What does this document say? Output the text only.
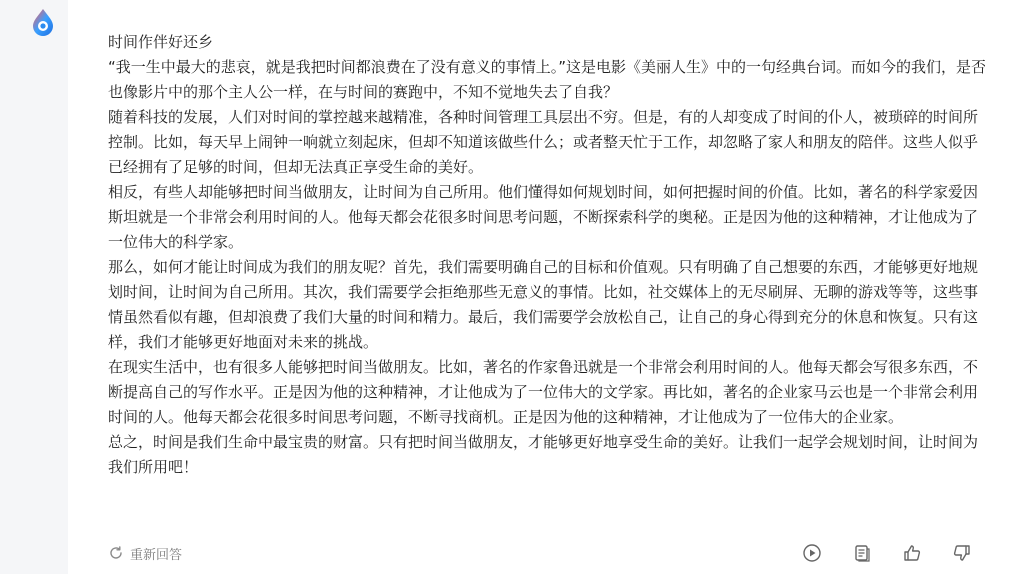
时间作伴好还乡

“我一生中最大的悲哀，就是我把时间都浪费在了没有意义的事情上。”这是电影《美丽人生》中的一句经典台词。而如今的我们，是否也像影片中的那个主人公一样，在与时间的赛跑中，不知不觉地失去了自我？

随着科技的发展，人们对时间的掌控越来越精准，各种时间管理工具层出不穷。但是，有的人却变成了时间的仆人，被琐碎的时间所控制。比如，每天早上闹钟一响就立刻起床，但却不知道该做些什么；或者整天忙于工作，却忽略了家人和朋友的陪伴。这些人似乎已经拥有了足够的时间，但却无法真正享受生命的美好。

相反，有些人却能够把时间当做朋友，让时间为自己所用。他们懂得如何规划时间，如何把握时间的价值。比如，著名的科学家爱因斯坦就是一个非常会利用时间的人。他每天都会花很多时间思考问题，不断探索科学的奥秘。正是因为他的这种精神，才让他成为了一位伟大的科学家。

那么，如何才能让时间成为我们的朋友呢？首先，我们需要明确自己的目标和价值观。只有明确了自己想要的东西，才能够更好地规划时间，让时间为自己所用。其次，我们需要学会拒绝那些无意义的事情。比如，社交媒体上的无尽刷屏、无聊的游戏等等，这些事情虽然看似有趣，但却浪费了我们大量的时间和精力。最后，我们需要学会放松自己，让自己的身心得到充分的休息和恢复。只有这样，我们才能够更好地面对未来的挑战。

在现实生活中，也有很多人能够把时间当做朋友。比如，著名的作家鲁迅就是一个非常会利用时间的人。他每天都会写很多东西，不断提高自己的写作水平。正是因为他的这种精神，才让他成为了一位伟大的文学家。再比如，著名的企业家马云也是一个非常会利用时间的人。他每天都会花很多时间思考问题，不断寻找商机。正是因为他的这种精神，才让他成为了一位伟大的企业家。

总之，时间是我们生命中最宝贵的财富。只有把时间当做朋友，才能够更好地享受生命的美好。让我们一起学会规划时间，让时间为我们所用吧！

重新回答
